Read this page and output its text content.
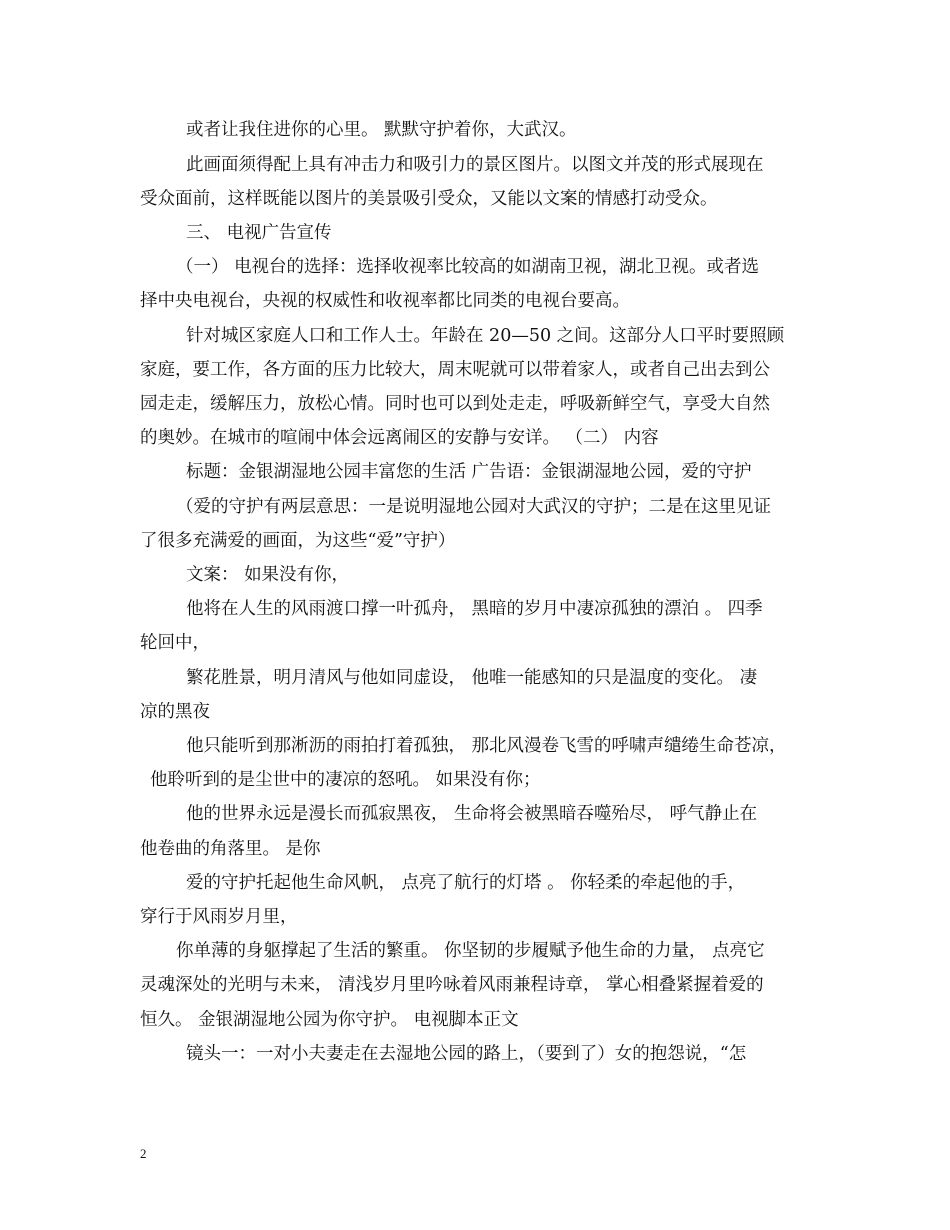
或者让我住进你的心里。 默默守护着你，大武汉。
此画面须得配上具有冲击力和吸引力的景区图片。以图文并茂的形式展现在
受众面前，这样既能以图片的美景吸引受众，又能以文案的情感打动受众。
三、 电视广告宣传
（一） 电视台的选择：选择收视率比较高的如湖南卫视，湖北卫视。或者选
择中央电视台，央视的权威性和收视率都比同类的电视台要高。
针对城区家庭人口和工作人士。年龄在 20—50 之间。这部分人口平时要照顾
家庭，要工作，各方面的压力比较大，周末呢就可以带着家人，或者自己出去到公
园走走，缓解压力，放松心情。同时也可以到处走走，呼吸新鲜空气，享受大自然
的奥妙。在城市的喧闹中体会远离闹区的安静与安详。 （二） 内容
标题：金银湖湿地公园丰富您的生活 广告语：金银湖湿地公园，爱的守护
（爱的守护有两层意思：一是说明湿地公园对大武汉的守护；二是在这里见证
了很多充满爱的画面，为这些“爱”守护）
文案： 如果没有你，
他将在人生的风雨渡口撑一叶孤舟， 黑暗的岁月中凄凉孤独的漂泊 。 四季
轮回中，
繁花胜景，明月清风与他如同虚设， 他唯一能感知的只是温度的变化。 凄
凉的黑夜
他只能听到那淅沥的雨拍打着孤独， 那北风漫卷飞雪的呼啸声缱绻生命苍凉，
他聆听到的是尘世中的凄凉的怒吼。 如果没有你；
他的世界永远是漫长而孤寂黑夜， 生命将会被黑暗吞噬殆尽， 呼气静止在
他卷曲的角落里。 是你
爱的守护托起他生命风帆， 点亮了航行的灯塔 。 你轻柔的牵起他的手，
穿行于风雨岁月里，
你单薄的身躯撑起了生活的繁重。 你坚韧的步履赋予他生命的力量， 点亮它
灵魂深处的光明与未来， 清浅岁月里吟咏着风雨兼程诗章， 掌心相叠紧握着爱的
恒久。 金银湖湿地公园为你守护。 电视脚本正文
镜头一：一对小夫妻走在去湿地公园的路上，（要到了）女的抱怨说，“怎
2
